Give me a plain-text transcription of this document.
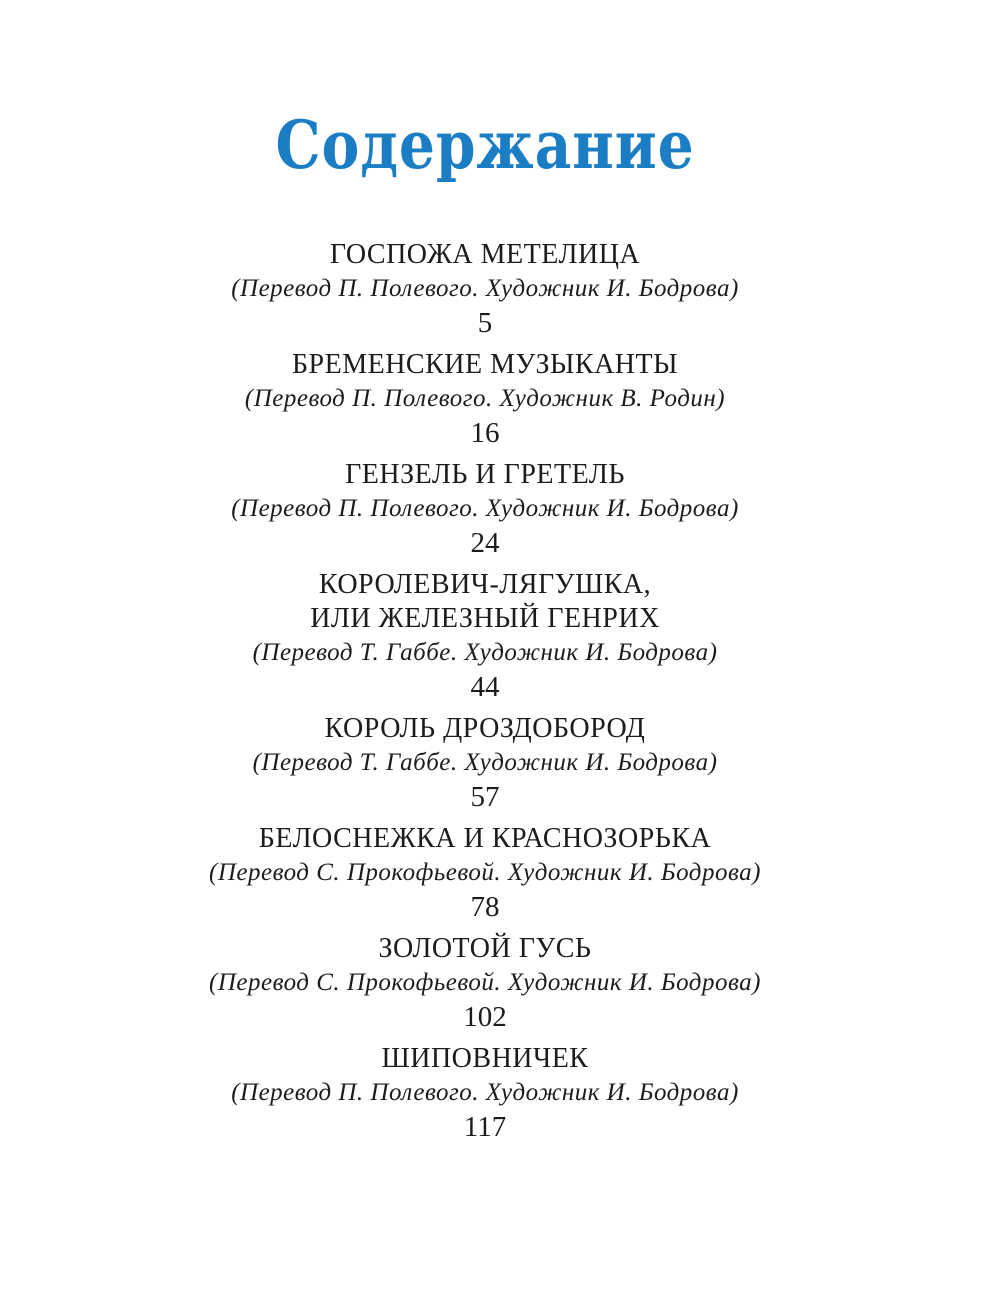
Содержание
ГОСПОЖА МЕТЕЛИЦА
(Перевод П. Полевого. Художник И. Бодрова)
5
БРЕМЕНСКИЕ МУЗЫКАНТЫ
(Перевод П. Полевого. Художник В. Родин)
16
ГЕНЗЕЛЬ И ГРЕТЕЛЬ
(Перевод П. Полевого. Художник И. Бодрова)
24
КОРОЛЕВИЧ-ЛЯГУШКА,
ИЛИ ЖЕЛЕЗНЫЙ ГЕНРИХ
(Перевод Т. Габбе. Художник И. Бодрова)
44
КОРОЛЬ ДРОЗДОБОРОД
(Перевод Т. Габбе. Художник И. Бодрова)
57
БЕЛОСНЕЖКА И КРАСНОЗОРЬКА
(Перевод С. Прокофьевой. Художник И. Бодрова)
78
ЗОЛОТОЙ ГУСЬ
(Перевод С. Прокофьевой. Художник И. Бодрова)
102
ШИПОВНИЧЕК
(Перевод П. Полевого. Художник И. Бодрова)
117
